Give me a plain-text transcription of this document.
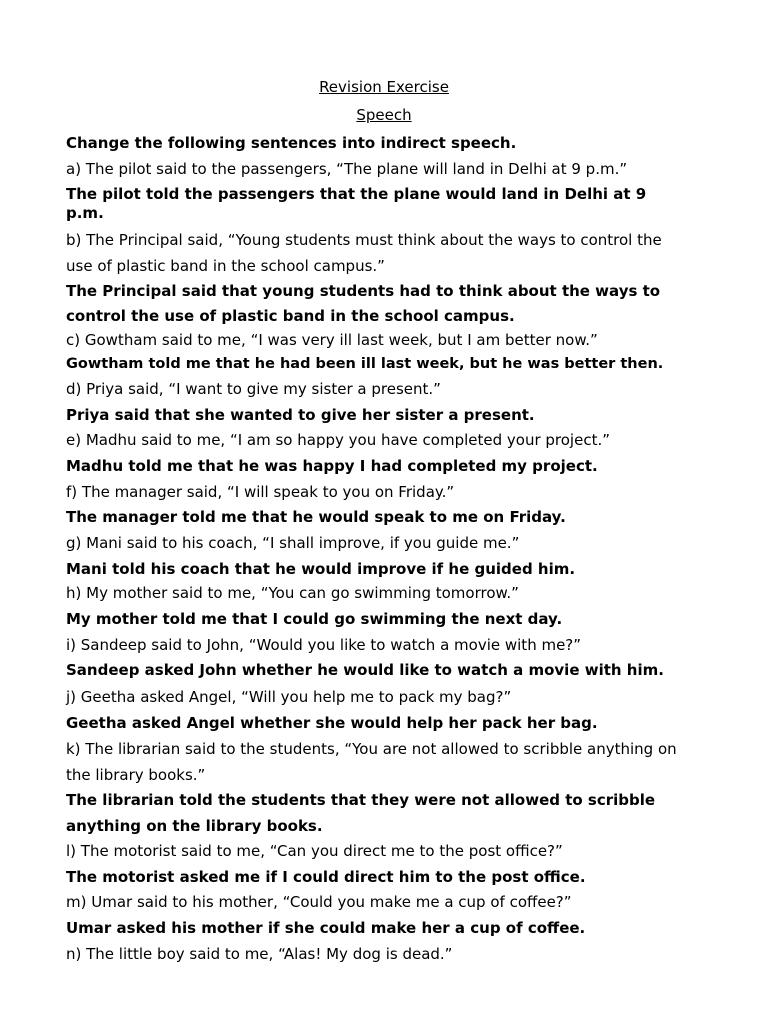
Revision Exercise
Speech
Change the following sentences into indirect speech.
a) The pilot said to the passengers, “The plane will land in Delhi at 9 p.m.”
The pilot told the passengers that the plane would land in Delhi at 9
p.m.
b) The Principal said, “Young students must think about the ways to control the
use of plastic band in the school campus.”
The Principal said that young students had to think about the ways to
control the use of plastic band in the school campus.
c) Gowtham said to me, “I was very ill last week, but I am better now.”
Gowtham told me that he had been ill last week, but he was better then.
d) Priya said, “I want to give my sister a present.”
Priya said that she wanted to give her sister a present.
e) Madhu said to me, “I am so happy you have completed your project.”
Madhu told me that he was happy I had completed my project.
f) The manager said, “I will speak to you on Friday.”
The manager told me that he would speak to me on Friday.
g) Mani said to his coach, “I shall improve, if you guide me.”
Mani told his coach that he would improve if he guided him.
h) My mother said to me, “You can go swimming tomorrow.”
My mother told me that I could go swimming the next day.
i) Sandeep said to John, “Would you like to watch a movie with me?”
Sandeep asked John whether he would like to watch a movie with him.
j) Geetha asked Angel, “Will you help me to pack my bag?”
Geetha asked Angel whether she would help her pack her bag.
k) The librarian said to the students, “You are not allowed to scribble anything on
the library books.”
The librarian told the students that they were not allowed to scribble
anything on the library books.
l) The motorist said to me, “Can you direct me to the post office?”
The motorist asked me if I could direct him to the post office.
m) Umar said to his mother, “Could you make me a cup of coffee?”
Umar asked his mother if she could make her a cup of coffee.
n) The little boy said to me, “Alas! My dog is dead.”
